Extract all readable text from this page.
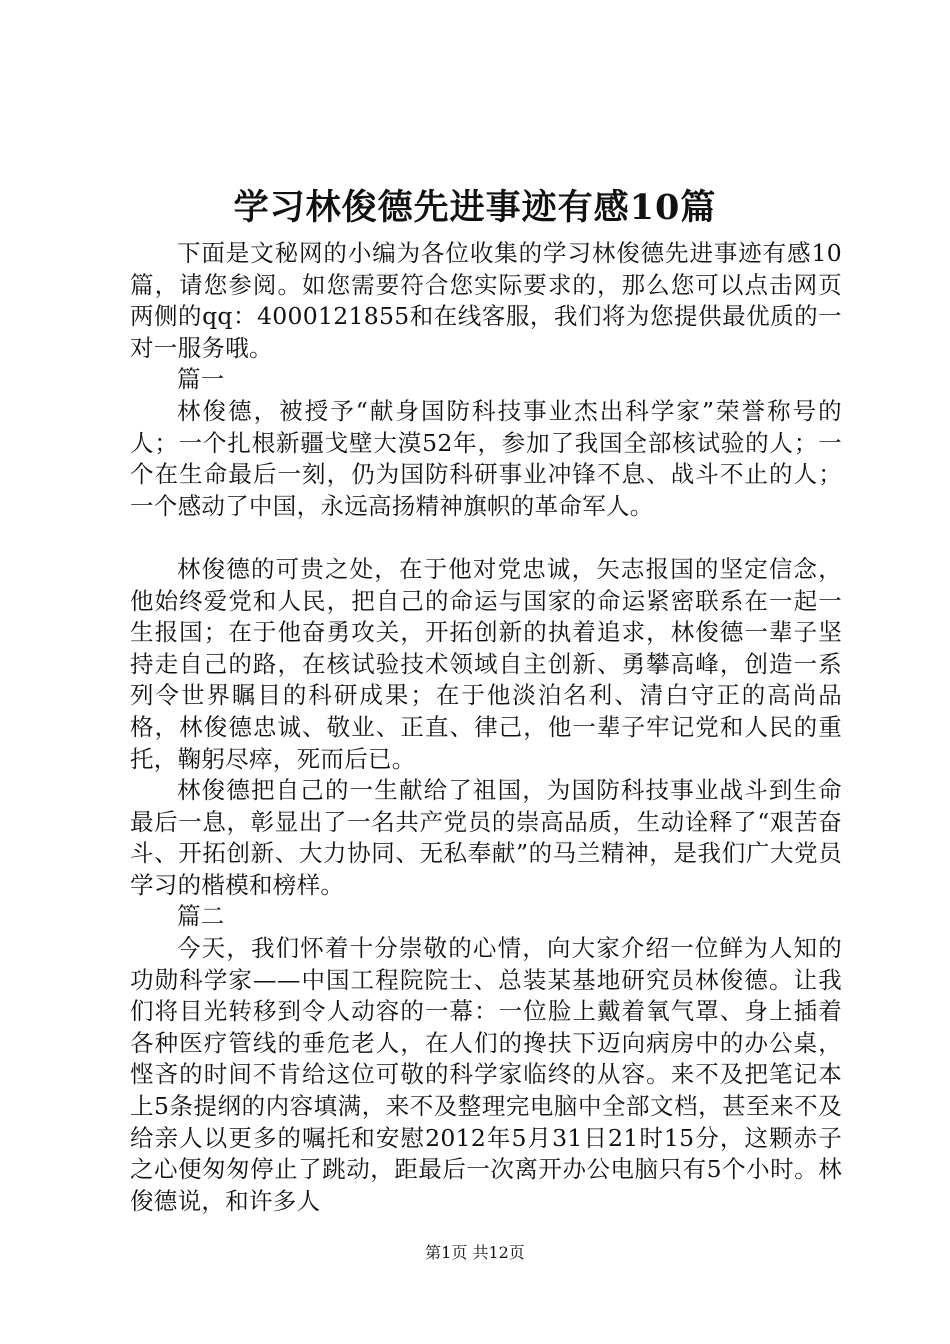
学习林俊德先进事迹有感10篇

下面是文秘网的小编为各位收集的学习林俊德先进事迹有感10篇，请您参阅。如您需要符合您实际要求的，那么您可以点击网页两侧的qq：4000121855和在线客服，我们将为您提供最优质的一对一服务哦。

篇一

林俊德，被授予“献身国防科技事业杰出科学家”荣誉称号的人；一个扎根新疆戈壁大漠52年，参加了我国全部核试验的人；一个在生命最后一刻，仍为国防科研事业冲锋不息、战斗不止的人；一个感动了中国，永远高扬精神旗帜的革命军人。

林俊德的可贵之处，在于他对党忠诚，矢志报国的坚定信念，他始终爱党和人民，把自己的命运与国家的命运紧密联系在一起一生报国；在于他奋勇攻关，开拓创新的执着追求，林俊德一辈子坚持走自己的路，在核试验技术领域自主创新、勇攀高峰，创造一系列令世界瞩目的科研成果；在于他淡泊名利、清白守正的高尚品格，林俊德忠诚、敬业、正直、律己，他一辈子牢记党和人民的重托，鞠躬尽瘁，死而后已。

林俊德把自己的一生献给了祖国，为国防科技事业战斗到生命最后一息，彰显出了一名共产党员的崇高品质，生动诠释了“艰苦奋斗、开拓创新、大力协同、无私奉献”的马兰精神，是我们广大党员学习的楷模和榜样。

篇二

今天，我们怀着十分崇敬的心情，向大家介绍一位鲜为人知的功勋科学家——中国工程院院士、总装某基地研究员林俊德。让我们将目光转移到令人动容的一幕：一位脸上戴着氧气罩、身上插着各种医疗管线的垂危老人，在人们的搀扶下迈向病房中的办公桌，悭吝的时间不肯给这位可敬的科学家临终的从容。来不及把笔记本上5条提纲的内容填满，来不及整理完电脑中全部文档，甚至来不及给亲人以更多的嘱托和安慰2012年5月31日21时15分，这颗赤子之心便匆匆停止了跳动，距最后一次离开办公电脑只有5个小时。林俊德说，和许多人

第1页 共12页
